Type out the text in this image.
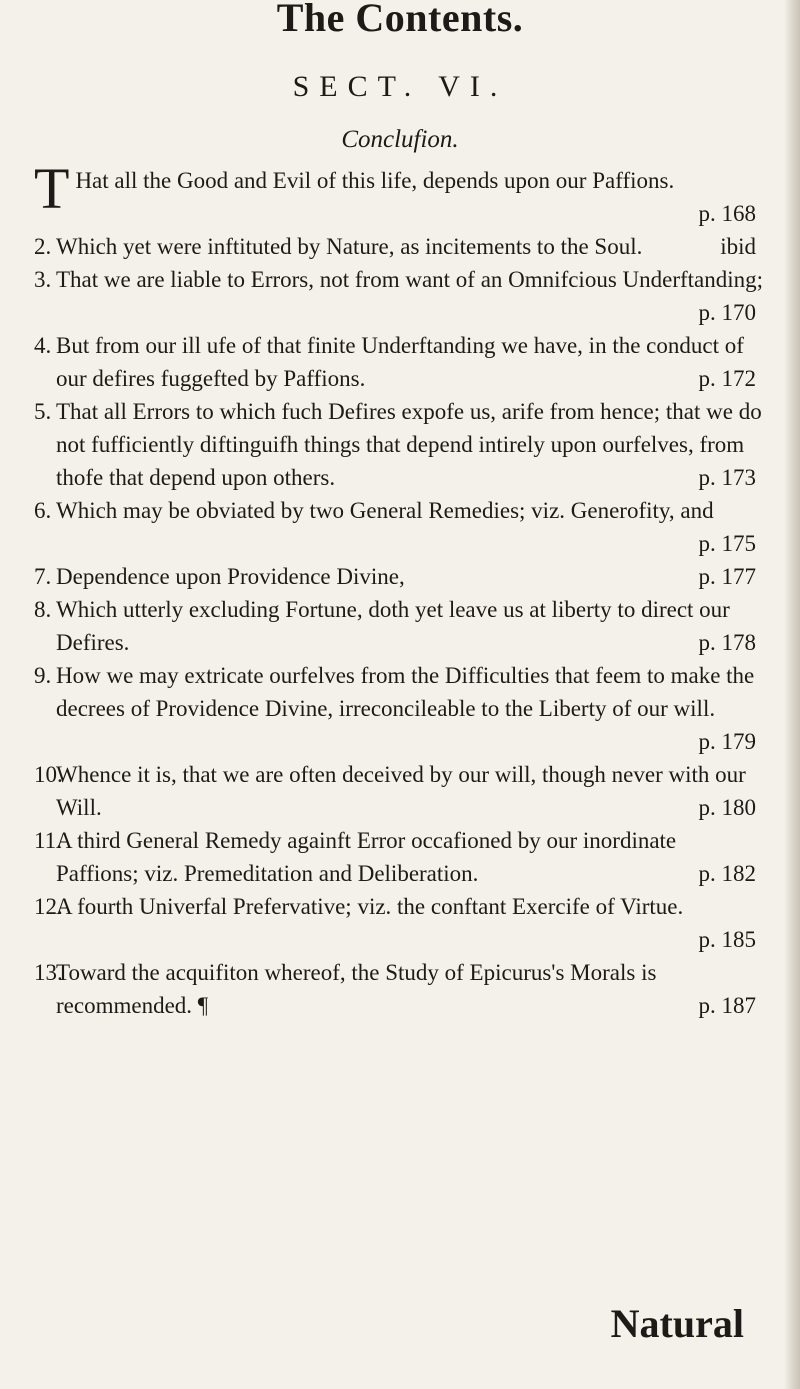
The Contents.
SECT. VI.
Conclufion.
T Hat all the Good and Evil of this life, depends upon our Paffions.
p. 168
2. Which yet were inftituted by Nature, as incitements to the Soul.	ibid
3. That we are liable to Errors, not from want of an Omnifcious Underftanding;
p. 170
4. But from our ill ufe of that finite Underftanding we have, in the conduct of our defires fuggefted by Paffions.	p. 172
5. That all Errors to which fuch Defires expofe us, arife from hence; that we do not fufficiently diftinguifh things that depend intirely upon ourfelves, from thofe that depend upon others.	p. 173
6. Which may be obviated by two General Remedies; viz. Generofity, and
p. 175
7. Dependence upon Providence Divine,	p. 177
8. Which utterly excluding Fortune, doth yet leave us at liberty to direct our Defires.	p. 178
9. How we may extricate ourfelves from the Difficulties that feem to make the decrees of Providence Divine, irreconcileable to the Liberty of our will.
p. 179
10.
Whence it is, that we are often deceived by our will, though never with our Will.	p. 180
11.
A third General Remedy againft Error occafioned by our inordinate Paffions; viz. Premeditation and Deliberation.	p. 182
12.
A fourth Univerfal Prefervative; viz. the conftant Exercife of Virtue.
p. 185
13.
Toward the acquifiton whereof, the Study of Epicurus's Morals is recommended. ¶	p. 187
Natural
